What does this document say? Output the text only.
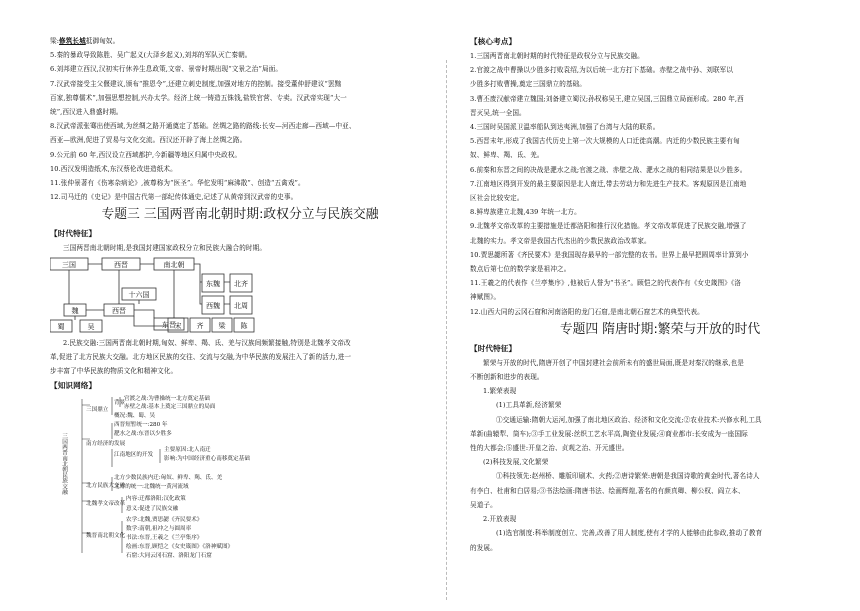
梁:修筑长城抵御匈奴。

5.秦的暴政导致陈胜、吴广起义(大泽乡起义),刘邦的军队灭亡秦朝。

6.刘邦建立西汉,汉初实行休养生息政策,文帝、景帝时期出现“文景之治”局面。

7.汉武帝接受主父偃建议,颁布“推恩令”,还建立刺史制度,加强对地方的控制。接受董仲舒建议“罢黜

百家,独尊儒术”,加强思想控制,兴办太学。经济上统一铸造五铢钱,盐铁官营、专卖。汉武帝实现“大一

统”,西汉进入鼎盛时期。

8.汉武帝派张骞出使西域,为丝绸之路开通奠定了基础。丝绸之路的路线:长安—河西走廊—西域—中亚、

西亚—欧洲,促进了贸易与文化交流。西汉还开辟了海上丝绸之路。

9.公元前 60 年,西汉设立西域都护,今新疆等地区归属中央政权。

10.西汉发明造纸术,东汉蔡伦改进造纸术。

11.张仲景著有《伤寒杂病论》,被尊称为“医圣”。华佗发明“麻沸散”、创造“五禽戏”。

12.司马迁的《史记》是中国古代第一部纪传体通史,记述了从黄帝到汉武帝的史事。

专题三 三国两晋南北朝时期:政权分立与民族交融

【时代特征】

三国两晋南北朝时期,是我国封建国家政权分立和民族大融合的时期。

三国	西晋	南北朝
东魏 北齐
西魏 北周
十六国
魏	西晋
东晋
宋 齐 梁 陈
蜀	吴

2.民族交融:三国两晋南北朝时期,匈奴、鲜卑、羯、氐、羌与汉族间频繁接触,特别是北魏孝文帝改

革,促进了北方民族大交融。北方地区民族的交往、交流与交融,为中华民族的发展注入了新的活力,进一

步丰富了中华民族的物质文化和精神文化。

【知识网络】

三国两晋南北朝民族交融
三国鼎立
南方经济的发展
北方民族大交融
北魏孝文帝改革
魏晋南北朝文化
官渡之战:为曹操统一北方奠定基础
赤壁之战:基本上奠定三国鼎立的局面
背景
概况:魏、蜀、吴
西晋短暂统一:280 年
淝水之战:东晋以少胜多
主要原因:北人南迁
影响:为中国经济重心南移奠定基础
江南地区的开发
北方少数民族内迁:匈奴、鲜卑、羯、氐、羌
北方的统一:北魏统一黄河流域
内容:迁都洛阳;汉化政策
意义:促进了民族交融
农学:北魏,贾思勰《齐民要术》
数学:南朝,祖冲之与圆周率
书法:东晋,王羲之《兰亭集序》
绘画:东晋,顾恺之《女史箴图》《洛神赋图》
石窟:大同云冈石窟、洛阳龙门石窟

【核心考点】

1.三国两晋南北朝时期的时代特征是政权分立与民族交融。

2.官渡之战中曹操以少胜多打败袁绍,为以后统一北方打下基础。赤壁之战中孙、刘联军以

少胜多打败曹操,奠定三国鼎立的基础。

3.曹丕废汉献帝建立魏国;刘备建立蜀汉;孙权称吴王,建立吴国,三国鼎立局面形成。280 年,西

晋灭吴,统一全国。

4.三国时吴国派卫温率船队到达夷洲,加强了台湾与大陆的联系。

5.西晋末年,形成了我国古代历史上第一次大规模的人口迁徙高潮。内迁的少数民族主要有匈

奴、鲜卑、羯、氐、羌。

6.前秦和东晋之间的决战是淝水之战;官渡之战、赤壁之战、淝水之战的相同结果是以少胜多。

7.江南地区得到开发的最主要原因是北人南迁,带去劳动力和先进生产技术。客观原因是江南地

区社会比较安定。

8.鲜卑族建立北魏,439 年统一北方。

9.北魏孝文帝改革的主要措施是迁都洛阳和推行汉化措施。孝文帝改革促进了民族交融,增强了

北魏的实力。孝文帝是我国古代杰出的少数民族政治改革家。

10.贾思勰所著《齐民要术》是我国现存最早的一部完整的农书。世界上最早把圆周率计算到小

数点后第七位的数学家是祖冲之。

11.王羲之的代表作《兰亭集序》,他被后人誉为“书圣”。顾恺之的代表作有《女史箴图》《洛

神赋图》。

12.山西大同的云冈石窟和河南洛阳的龙门石窟,是南北朝石窟艺术的典型代表。

专题四 隋唐时期:繁荣与开放的时代

【时代特征】

繁荣与开放的时代,隋唐开创了中国封建社会前所未有的盛世局面,既是对秦汉的继承,也是

不断创新和进步的表现。

1.繁荣表现

(1)工具革新,经济繁荣

①交通运输:隋朝大运河,加强了南北地区政治、经济和文化交流;②农业技术:兴修水利,工具

革新(曲辕犁、筒车);③手工业发展:丝织工艺水平高,陶瓷业发展;④商业都市:长安成为一座国际

性的大都会;⑤盛世:开皇之治、贞观之治、开元盛世。

(2)科技发展,文化繁荣

①科技领先:赵州桥、雕版印刷术、火药;②唐诗繁荣:唐朝是我国诗歌的黄金时代,著名诗人

有李白、杜甫和白居易;③书法绘画:隋唐书法、绘画辉煌,著名的有颜真卿、柳公权、阎立本、

吴道子。

2.开放表现

(1)选官制度:科举制度创立、完善,改善了用人制度,使有才学的人能够由此参政,推动了教育

的发展。
